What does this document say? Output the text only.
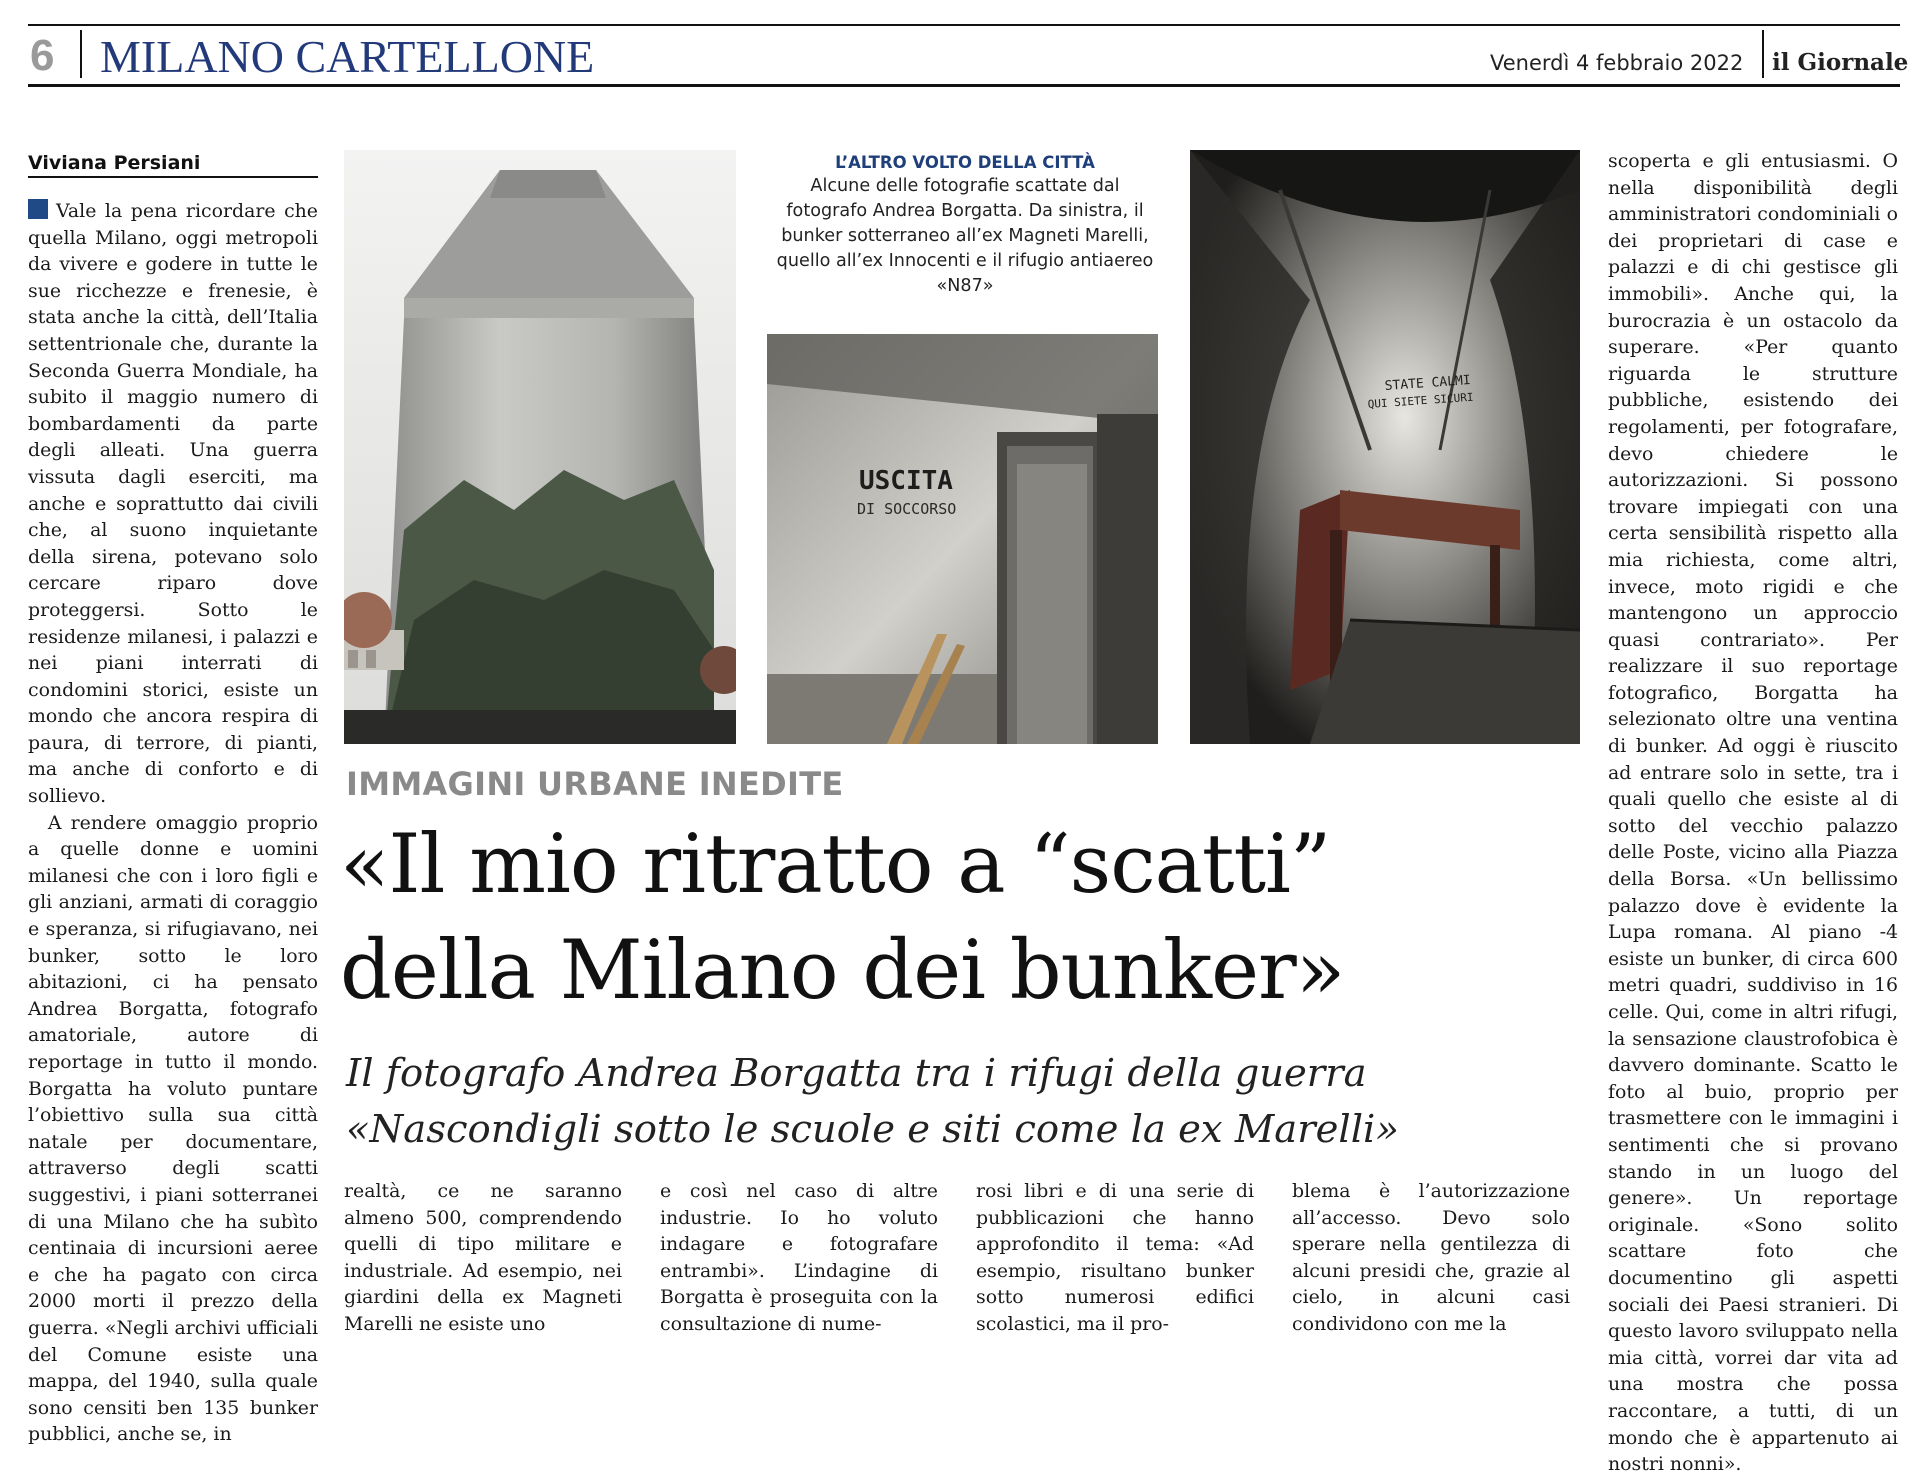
6 MILANO CARTELLONE	Venerdì 4 febbraio 2022 il Giornale
Viviana Persiani

Vale la pena ricordare che quella Milano, oggi metropoli da vivere e godere in tutte le sue ricchezze e frenesie, è stata anche la città, dell’Italia settentrionale che, durante la Seconda Guerra Mondiale, ha subito il maggio numero di bombardamenti da parte degli alleati. Una guerra vissuta dagli eserciti, ma anche e soprattutto dai civili che, al suono inquietante della sirena, potevano solo cercare riparo dove proteggersi. Sotto le residenze milanesi, i palazzi e nei piani interrati di condomini storici, esiste un mondo che ancora respira di paura, di terrore, di pianti, ma anche di conforto e di sollievo.

A rendere omaggio proprio a quelle donne e uomini milanesi che con i loro figli e gli anziani, armati di coraggio e speranza, si rifugiavano, nei bunker, sotto le loro abitazioni, ci ha pensato Andrea Borgatta, fotografo amatoriale, autore di reportage in tutto il mondo. Borgatta ha voluto puntare l’obiettivo sulla sua città natale per documentare, attraverso degli scatti suggestivi, i piani sotterranei di una Milano che ha subìto centinaia di incursioni aeree e che ha pagato con circa 2000 morti il prezzo della guerra. «Negli archivi ufficiali del Comune esiste una mappa, del 1940, sulla quale sono censiti ben 135 bunker pubblici, anche se, in

L’ALTRO VOLTO DELLA CITTÀ
Alcune delle fotografie scattate dal fotografo Andrea Borgatta. Da sinistra, il bunker sotterraneo all’ex Magneti Marelli, quello all’ex Innocenti e il rifugio antiaereo «N87»
USCITA
DI SOCCORSO
STATE CALMI
QUI SIETE SICURI
IMMAGINI URBANE INEDITE
«Il mio ritratto a “scatti”
della Milano dei bunker»
Il fotografo Andrea Borgatta tra i rifugi della guerra
«Nascondigli sotto le scuole e siti come la ex Marelli»

realtà, ce ne saranno almeno 500, comprendendo quelli di tipo militare e industriale. Ad esempio, nei giardini della ex Magneti Marelli ne esiste uno

e così nel caso di altre industrie. Io ho voluto indagare e fotografare entrambi». L’indagine di Borgatta è proseguita con la consultazione di nume-

rosi libri e di una serie di pubblicazioni che hanno approfondito il tema: «Ad esempio, risultano bunker sotto numerosi edifici scolastici, ma il pro-

blema è l’autorizzazione all’accesso. Devo solo sperare nella gentilezza di alcuni presidi che, grazie al cielo, in alcuni casi condividono con me la

scoperta e gli entusiasmi. O nella disponibilità degli amministratori condominiali o dei proprietari di case e palazzi e di chi gestisce gli immobili». Anche qui, la burocrazia è un ostacolo da superare. «Per quanto riguarda le strutture pubbliche, esistendo dei regolamenti, per fotografare, devo chiedere le autorizzazioni. Si possono trovare impiegati con una certa sensibilità rispetto alla mia richiesta, come altri, invece, moto rigidi e che mantengono un approccio quasi contrariato». Per realizzare il suo reportage fotografico, Borgatta ha selezionato oltre una ventina di bunker. Ad oggi è riuscito ad entrare solo in sette, tra i quali quello che esiste al di sotto del vecchio palazzo delle Poste, vicino alla Piazza della Borsa. «Un bellissimo palazzo dove è evidente la Lupa romana. Al piano -4 esiste un bunker, di circa 600 metri quadri, suddiviso in 16 celle. Qui, come in altri rifugi, la sensazione claustrofobica è davvero dominante. Scatto le foto al buio, proprio per trasmettere con le immagini i sentimenti che si provano stando in un luogo del genere». Un reportage originale. «Sono solito scattare foto che documentino gli aspetti sociali dei Paesi stranieri. Di questo lavoro sviluppato nella mia città, vorrei dar vita ad una mostra che possa raccontare, a tutti, di un mondo che è appartenuto ai nostri nonni».
